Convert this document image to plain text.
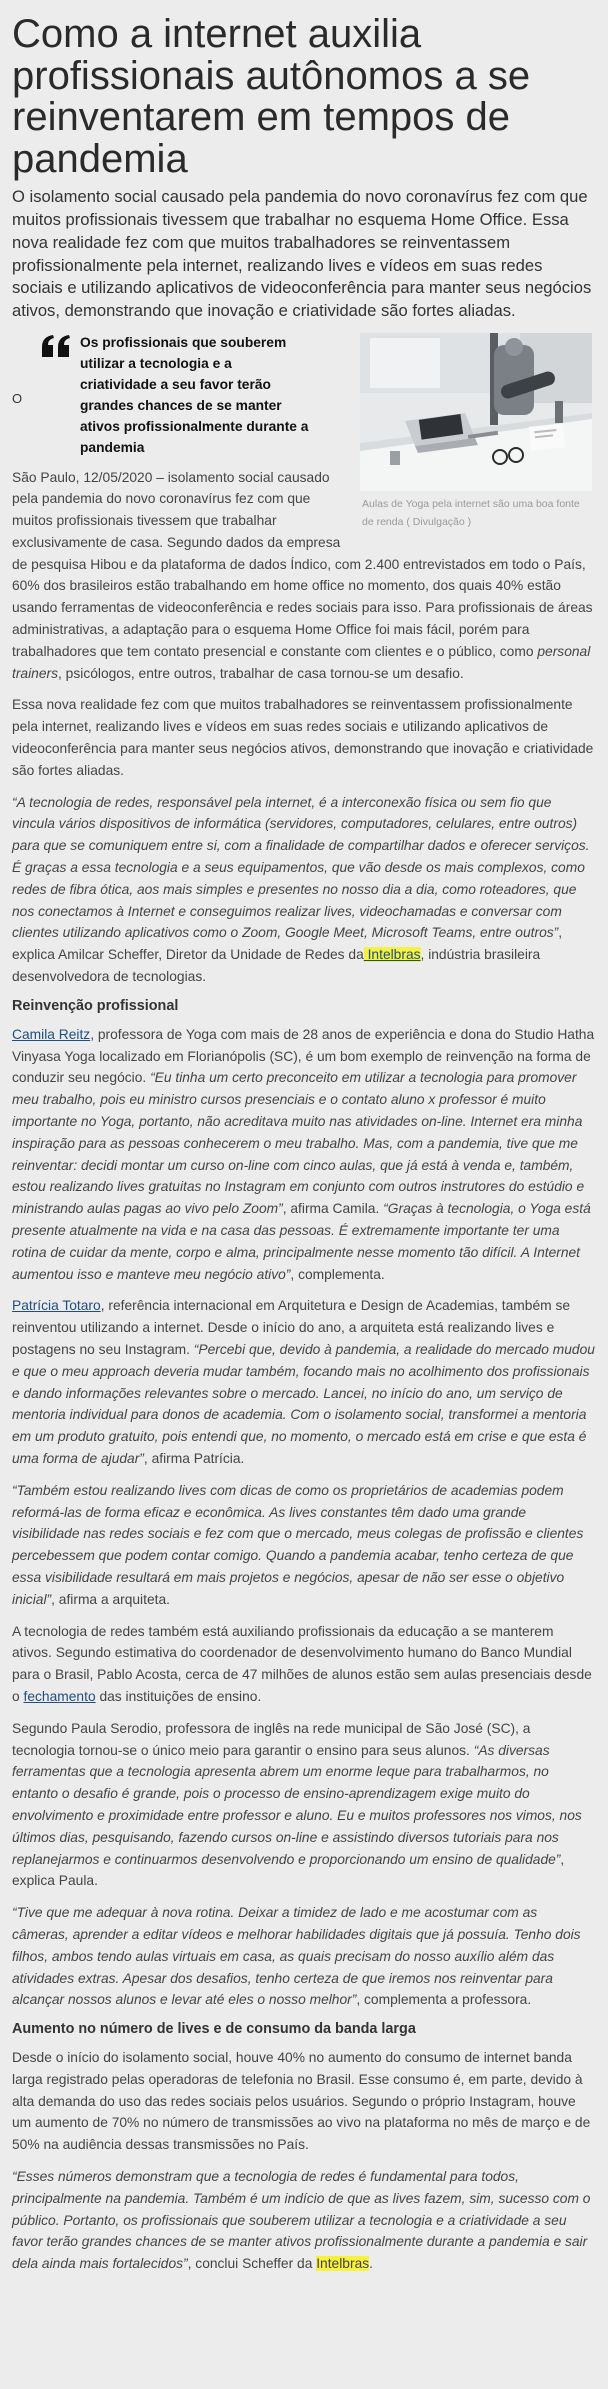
Como a internet auxilia profissionais autônomos a se reinventarem em tempos de pandemia
O isolamento social causado pela pandemia do novo coronavírus fez com que muitos profissionais tivessem que trabalhar no esquema Home Office. Essa nova realidade fez com que muitos trabalhadores se reinventassem profissionalmente pela internet, realizando lives e vídeos em suas redes sociais e utilizando aplicativos de videoconferência para manter seus negócios ativos, demonstrando que inovação e criatividade são fortes aliadas.
Aulas de Yoga pela internet são uma boa fonte de renda ( Divulgação )
O

Os profissionais que souberem utilizar a tecnologia e a criatividade a seu favor terão grandes chances de se manter ativos profissionalmente durante a pandemia

São Paulo, 12/05/2020 – isolamento social causado pela pandemia do novo coronavírus fez com que muitos profissionais tivessem que trabalhar exclusivamente de casa. Segundo dados da empresa de pesquisa Hibou e da plataforma de dados Índico, com 2.400 entrevistados em todo o País, 60% dos brasileiros estão trabalhando em home office no momento, dos quais 40% estão usando ferramentas de videoconferência e redes sociais para isso. Para profissionais de áreas administrativas, a adaptação para o esquema Home Office foi mais fácil, porém para trabalhadores que tem contato presencial e constante com clientes e o público, como personal trainers, psicólogos, entre outros, trabalhar de casa tornou-se um desafio.

Essa nova realidade fez com que muitos trabalhadores se reinventassem profissionalmente pela internet, realizando lives e vídeos em suas redes sociais e utilizando aplicativos de videoconferência para manter seus negócios ativos, demonstrando que inovação e criatividade são fortes aliadas.

“A tecnologia de redes, responsável pela internet, é a interconexão física ou sem fio que vincula vários dispositivos de informática (servidores, computadores, celulares, entre outros) para que se comuniquem entre si, com a finalidade de compartilhar dados e oferecer serviços. É graças a essa tecnologia e a seus equipamentos, que vão desde os mais complexos, como redes de fibra ótica, aos mais simples e presentes no nosso dia a dia, como roteadores, que nos conectamos à Internet e conseguimos realizar lives, videochamadas e conversar com clientes utilizando aplicativos como o Zoom, Google Meet, Microsoft Teams, entre outros”, explica Amilcar Scheffer, Diretor da Unidade de Redes da Intelbras, indústria brasileira desenvolvedora de tecnologias.

Reinvenção profissional

Camila Reitz, professora de Yoga com mais de 28 anos de experiência e dona do Studio Hatha Vinyasa Yoga localizado em Florianópolis (SC), é um bom exemplo de reinvenção na forma de conduzir seu negócio. “Eu tinha um certo preconceito em utilizar a tecnologia para promover meu trabalho, pois eu ministro cursos presenciais e o contato aluno x professor é muito importante no Yoga, portanto, não acreditava muito nas atividades on-line. Internet era minha inspiração para as pessoas conhecerem o meu trabalho. Mas, com a pandemia, tive que me reinventar: decidi montar um curso on-line com cinco aulas, que já está à venda e, também, estou realizando lives gratuitas no Instagram em conjunto com outros instrutores do estúdio e ministrando aulas pagas ao vivo pelo Zoom”, afirma Camila. “Graças à tecnologia, o Yoga está presente atualmente na vida e na casa das pessoas. É extremamente importante ter uma rotina de cuidar da mente, corpo e alma, principalmente nesse momento tão difícil. A Internet aumentou isso e manteve meu negócio ativo”, complementa.

Patrícia Totaro, referência internacional em Arquitetura e Design de Academias, também se reinventou utilizando a internet. Desde o início do ano, a arquiteta está realizando lives e postagens no seu Instagram. “Percebi que, devido à pandemia, a realidade do mercado mudou e que o meu approach deveria mudar também, focando mais no acolhimento dos profissionais e dando informações relevantes sobre o mercado. Lancei, no início do ano, um serviço de mentoria individual para donos de academia. Com o isolamento social, transformei a mentoria em um produto gratuito, pois entendi que, no momento, o mercado está em crise e que esta é uma forma de ajudar”, afirma Patrícia.

“Também estou realizando lives com dicas de como os proprietários de academias podem reformá-las de forma eficaz e econômica. As lives constantes têm dado uma grande visibilidade nas redes sociais e fez com que o mercado, meus colegas de profissão e clientes percebessem que podem contar comigo. Quando a pandemia acabar, tenho certeza de que essa visibilidade resultará em mais projetos e negócios, apesar de não ser esse o objetivo inicial”, afirma a arquiteta.

A tecnologia de redes também está auxiliando profissionais da educação a se manterem ativos. Segundo estimativa do coordenador de desenvolvimento humano do Banco Mundial para o Brasil, Pablo Acosta, cerca de 47 milhões de alunos estão sem aulas presenciais desde o fechamento das instituições de ensino.

Segundo Paula Serodio, professora de inglês na rede municipal de São José (SC), a tecnologia tornou-se o único meio para garantir o ensino para seus alunos. “As diversas ferramentas que a tecnologia apresenta abrem um enorme leque para trabalharmos, no entanto o desafio é grande, pois o processo de ensino-aprendizagem exige muito do envolvimento e proximidade entre professor e aluno. Eu e muitos professores nos vimos, nos últimos dias, pesquisando, fazendo cursos on-line e assistindo diversos tutoriais para nos replanejarmos e continuarmos desenvolvendo e proporcionando um ensino de qualidade”, explica Paula.

“Tive que me adequar à nova rotina. Deixar a timidez de lado e me acostumar com as câmeras, aprender a editar vídeos e melhorar habilidades digitais que já possuía. Tenho dois filhos, ambos tendo aulas virtuais em casa, as quais precisam do nosso auxílio além das atividades extras. Apesar dos desafios, tenho certeza de que iremos nos reinventar para alcançar nossos alunos e levar até eles o nosso melhor”, complementa a professora.

Aumento no número de lives e de consumo da banda larga

Desde o início do isolamento social, houve 40% no aumento do consumo de internet banda larga registrado pelas operadoras de telefonia no Brasil. Esse consumo é, em parte, devido à alta demanda do uso das redes sociais pelos usuários. Segundo o próprio Instagram, houve um aumento de 70% no número de transmissões ao vivo na plataforma no mês de março e de 50% na audiência dessas transmissões no País.

“Esses números demonstram que a tecnologia de redes é fundamental para todos, principalmente na pandemia. Também é um indício de que as lives fazem, sim, sucesso com o público. Portanto, os profissionais que souberem utilizar a tecnologia e a criatividade a seu favor terão grandes chances de se manter ativos profissionalmente durante a pandemia e sair dela ainda mais fortalecidos”, conclui Scheffer da Intelbras.
